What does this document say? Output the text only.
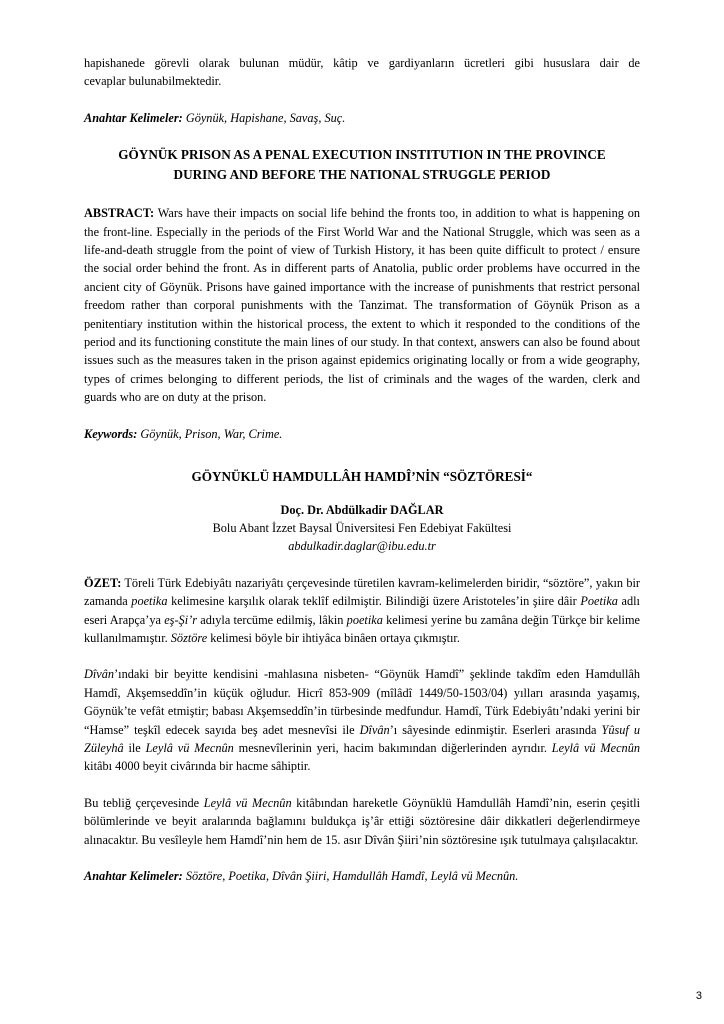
hapishanede görevli olarak bulunan müdür, kâtip ve gardiyanların ücretleri gibi hususlara dair de

cevaplar bulunabilmektedir.

Anahtar Kelimeler: Göynük, Hapishane, Savaş, Suç.

GÖYNÜK PRISON AS A PENAL EXECUTION INSTITUTION IN THE PROVINCE
DURING AND BEFORE THE NATIONAL STRUGGLE PERIOD

ABSTRACT: Wars have their impacts on social life behind the fronts too, in addition to what is happening on the front-line. Especially in the periods of the First World War and the National Struggle, which was seen as a life-and-death struggle from the point of view of Turkish History, it has been quite difficult to protect / ensure the social order behind the front. As in different parts of Anatolia, public order problems have occurred in the ancient city of Göynük. Prisons have gained importance with the increase of punishments that restrict personal freedom rather than corporal punishments with the Tanzimat. The transformation of Göynük Prison as a penitentiary institution within the historical process, the extent to which it responded to the conditions of the period and its functioning constitute the main lines of our study. In that context, answers can also be found about issues such as the measures taken in the prison against epidemics originating locally or from a wide geography, types of crimes belonging to different periods, the list of criminals and the wages of the warden, clerk and guards who are on duty at the prison.

Keywords: Göynük, Prison, War, Crime.

GÖYNÜKLÜ HAMDULLÂH HAMDÎ’NİN “SÖZTÖRESİ“
Doç. Dr. Abdülkadir DAĞLAR
Bolu Abant İzzet Baysal Üniversitesi Fen Edebiyat Fakültesi
abdulkadir.daglar@ibu.edu.tr

ÖZET: Töreli Türk Edebiyâtı nazariyâtı çerçevesinde türetilen kavram-kelimelerden biridir, “söztöre”, yakın bir zamanda poetika kelimesine karşılık olarak teklîf edilmiştir. Bilindiği üzere Aristoteles’in şiire dâir Poetika adlı eseri Arapça’ya eş-Şi’r adıyla tercüme edilmiş, lâkin poetika kelimesi yerine bu zamâna değin Türkçe bir kelime kullanılmamıştır. Söztöre kelimesi böyle bir ihtiyâca binâen ortaya çıkmıştır.

Dîvân’ındaki bir beyitte kendisini -mahlasına nisbeten- “Göynük Hamdî” şeklinde takdîm eden Hamdullâh Hamdî, Akşemseddîn’in küçük oğludur. Hicrî 853-909 (mîlâdî 1449/50-1503/04) yılları arasında yaşamış, Göynük’te vefât etmiştir; babası Akşemseddîn’in türbesinde medfundur. Hamdî, Türk Edebiyâtı’ndaki yerini bir “Hamse” teşkîl edecek sayıda beş adet mesnevîsi ile Dîvân’ı sâyesinde edinmiştir. Eserleri arasında Yûsuf u Züleyhâ ile Leylâ vü Mecnûn mesnevîlerinin yeri, hacim bakımından diğerlerinden ayrıdır. Leylâ vü Mecnûn kitâbı 4000 beyit civârında bir hacme sâhiptir.

Bu tebliğ çerçevesinde Leylâ vü Mecnûn kitâbından hareketle Göynüklü Hamdullâh Hamdî’nin, eserin çeşitli bölümlerinde ve beyit aralarında bağlamını buldukça iş’âr ettiği söztöresine dâir dikkatleri değerlendirmeye alınacaktır. Bu vesîleyle hem Hamdî’nin hem de 15. asır Dîvân Şiiri’nin söztöresine ışık tutulmaya çalışılacaktır.

Anahtar Kelimeler: Söztöre, Poetika, Dîvân Şiiri, Hamdullâh Hamdî, Leylâ vü Mecnûn.

3
